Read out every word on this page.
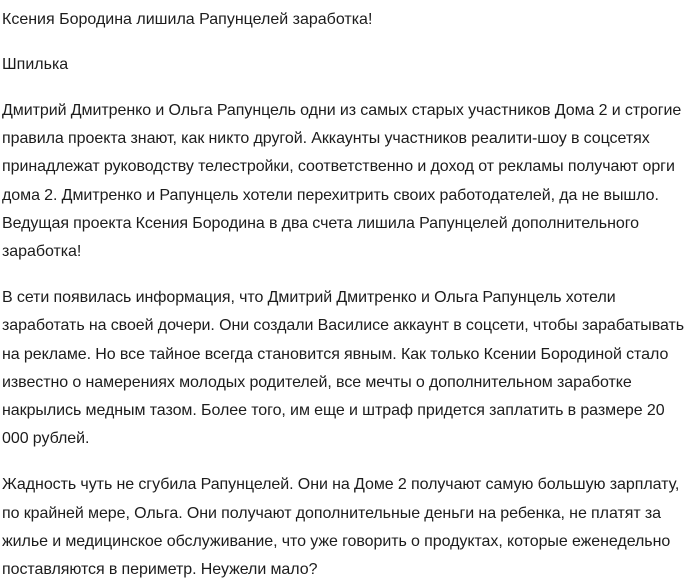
Ксения Бородина лишила Рапунцелей заработка!

Шпилька

Дмитрий Дмитренко и Ольга Рапунцель одни из самых старых участников Дома 2 и строгие правила проекта знают, как никто другой. Аккаунты участников реалити-шоу в соцсетях принадлежат руководству телестройки, соответственно и доход от рекламы получают орги дома 2. Дмитренко и Рапунцель хотели перехитрить своих работодателей, да не вышло. Ведущая проекта Ксения Бородина в два счета лишила Рапунцелей дополнительного заработка!

В сети появилась информация, что Дмитрий Дмитренко и Ольга Рапунцель хотели заработать на своей дочери. Они создали Василисе аккаунт в соцсети, чтобы зарабатывать на рекламе. Но все тайное всегда становится явным. Как только Ксении Бородиной стало известно о намерениях молодых родителей, все мечты о дополнительном заработке накрылись медным тазом. Более того, им еще и штраф придется заплатить в размере 20 000 рублей.

Жадность чуть не сгубила Рапунцелей. Они на Доме 2 получают самую большую зарплату, по крайней мере, Ольга. Они получают дополнительные деньги на ребенка, не платят за жилье и медицинское обслуживание, что уже говорить о продуктах, которые еженедельно поставляются в периметр. Неужели мало?
